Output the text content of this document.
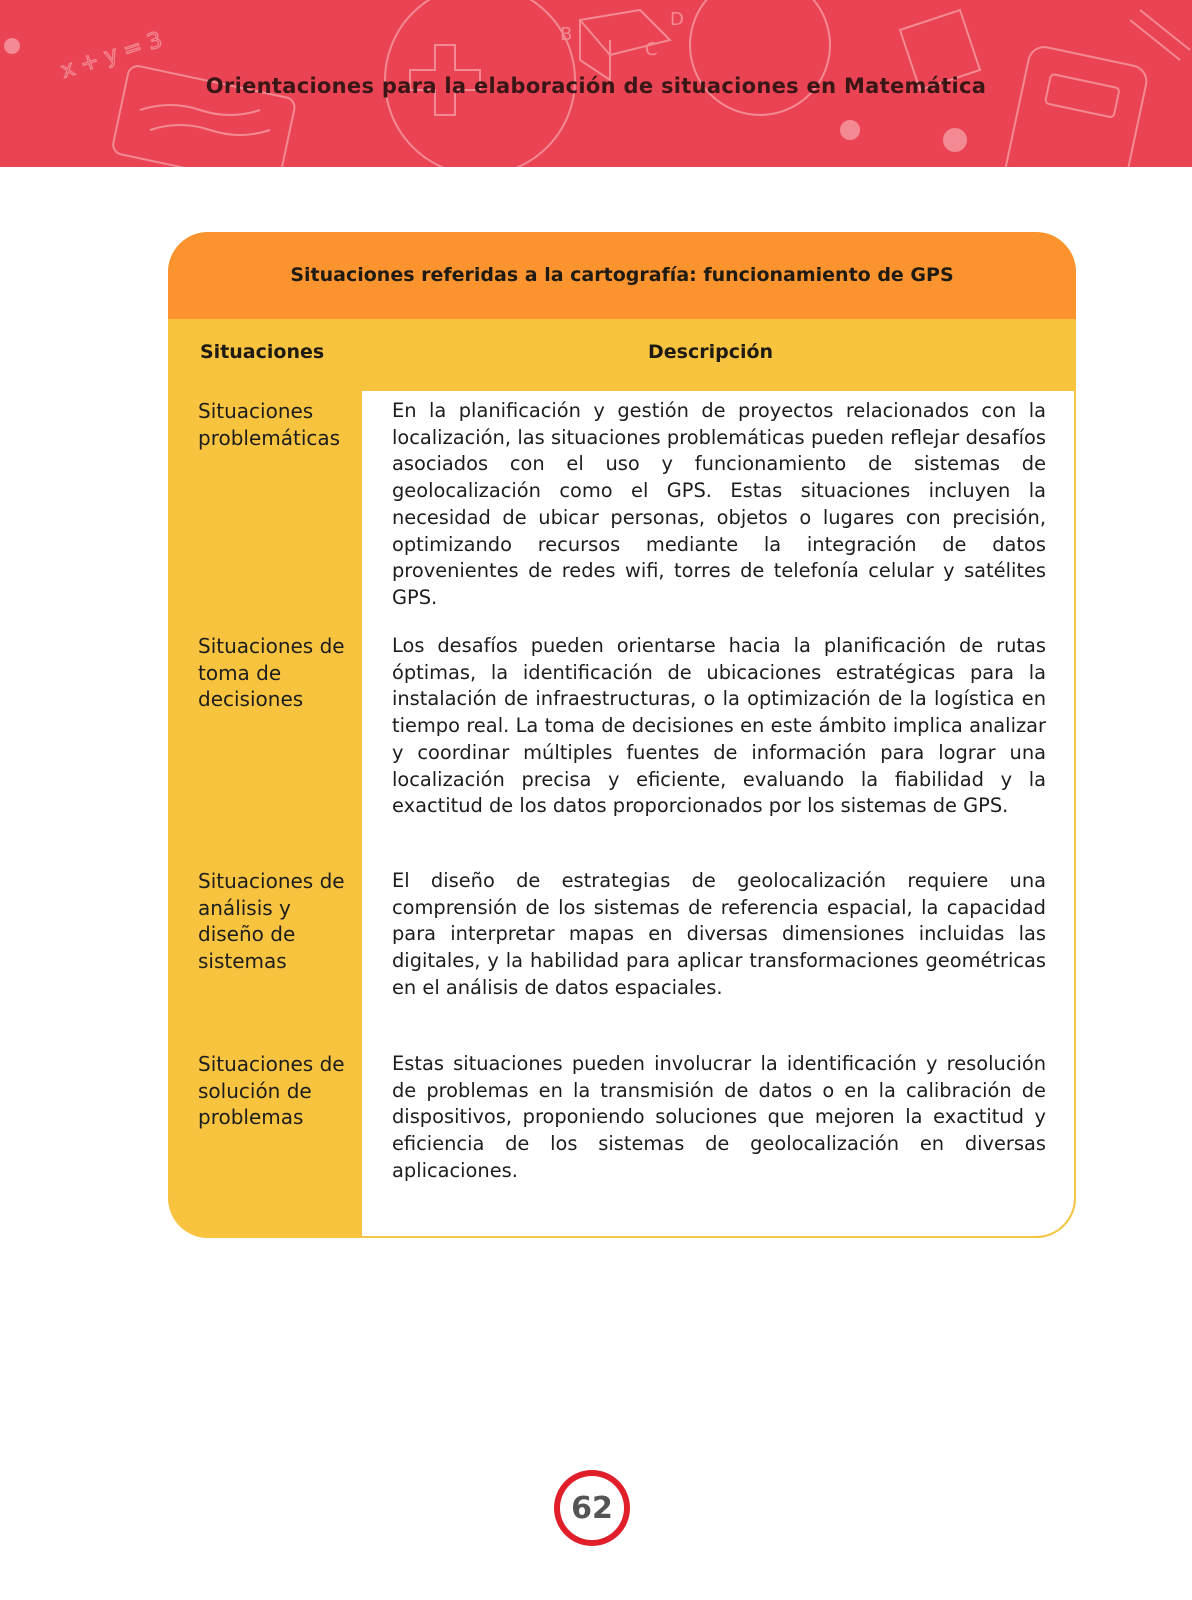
x + y = 3	B
C
D
Orientaciones para la elaboración de situaciones en Matemática
Situaciones referidas a la cartografía: funcionamiento de GPS
Situaciones	Descripción
Situaciones problemáticas
En la planificación y gestión de proyectos relacionados con la localización, las situaciones problemáticas pueden reflejar desafíos asociados con el uso y funcionamiento de sistemas de geolocalización como el GPS. Estas situaciones incluyen la necesidad de ubicar personas, objetos o lugares con precisión, optimizando recursos mediante la integración de datos provenientes de redes wifi, torres de telefonía celular y satélites GPS.
Situaciones de toma de decisiones
Los desafíos pueden orientarse hacia la planificación de rutas óptimas, la identificación de ubicaciones estratégicas para la instalación de infraestructuras, o la optimización de la logística en tiempo real. La toma de decisiones en este ámbito implica analizar y coordinar múltiples fuentes de información para lograr una localización precisa y eficiente, evaluando la fiabilidad y la exactitud de los datos proporcionados por los sistemas de GPS.
Situaciones de análisis y diseño de sistemas
El diseño de estrategias de geolocalización requiere una comprensión de los sistemas de referencia espacial, la capacidad para interpretar mapas en diversas dimensiones incluidas las digitales, y la habilidad para aplicar transformaciones geométricas en el análisis de datos espaciales.
Situaciones de solución de problemas
Estas situaciones pueden involucrar la identificación y resolución de problemas en la transmisión de datos o en la calibración de dispositivos, proponiendo soluciones que mejoren la exactitud y eficiencia de los sistemas de geolocalización en diversas aplicaciones.
62
